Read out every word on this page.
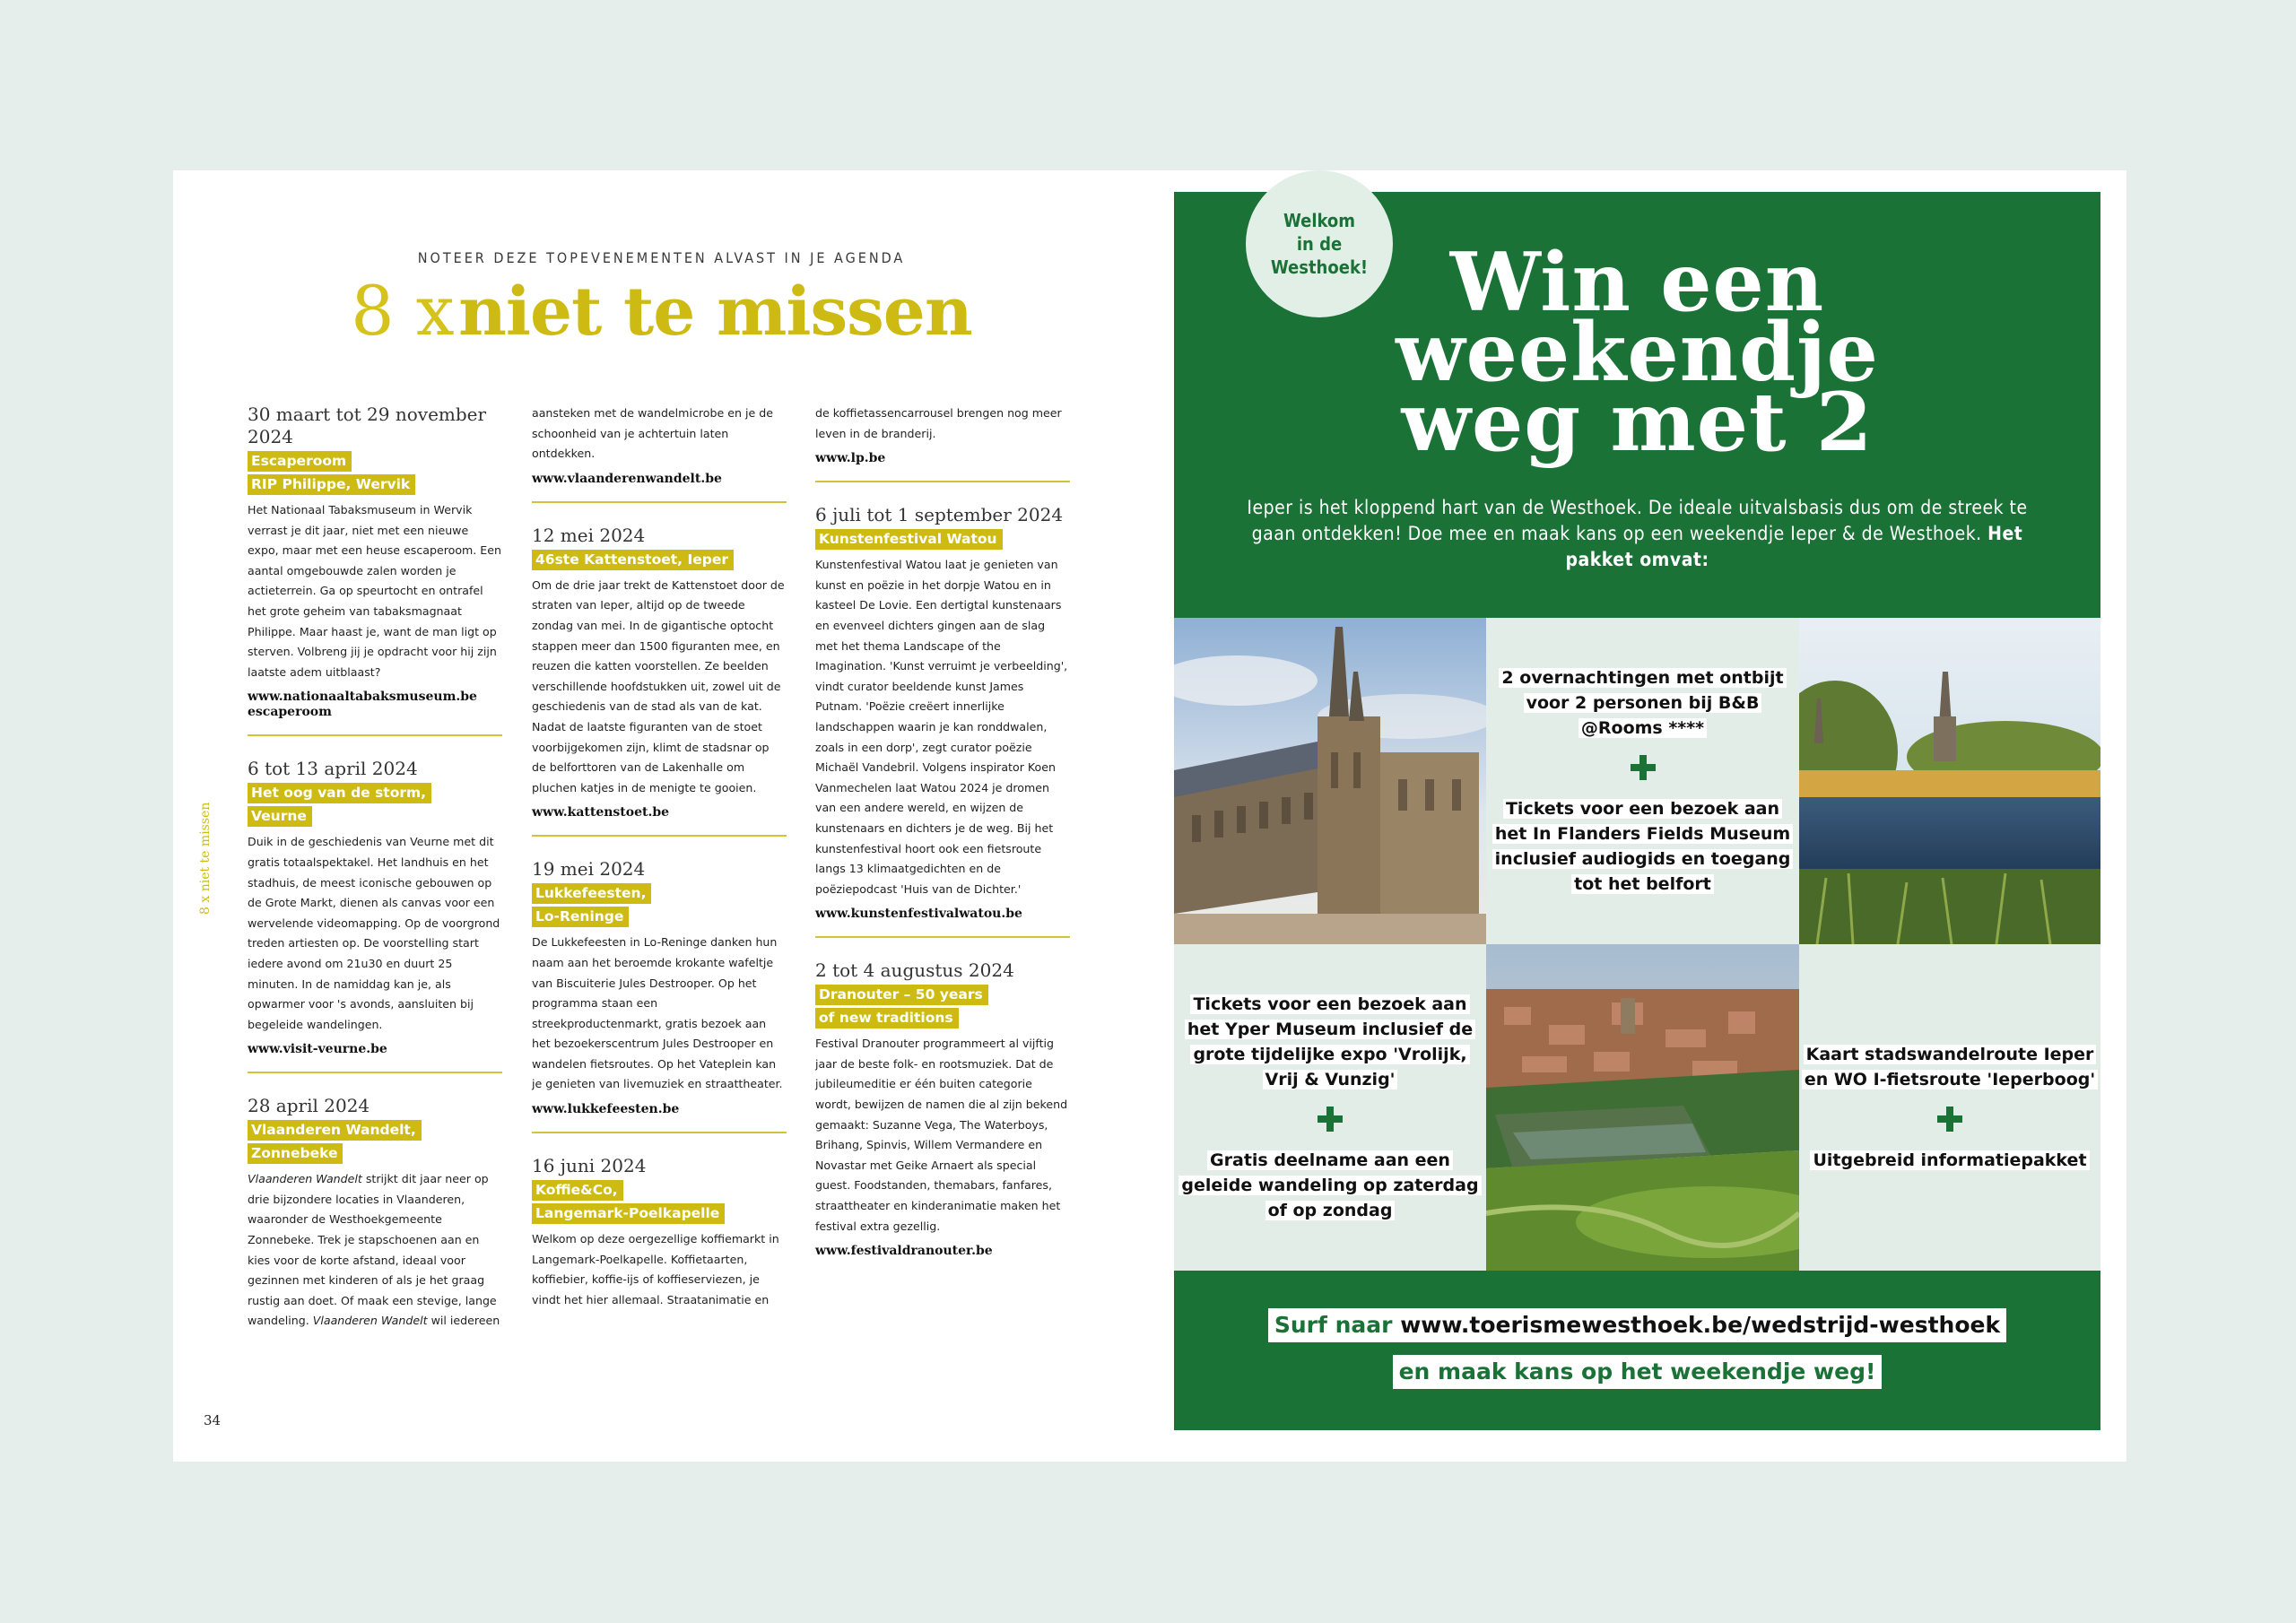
NOTEER DEZE TOPEVENEMENTEN ALVAST IN JE AGENDA
8 x niet te missen
8 x niet te missen
34
30 maart tot 29 november 2024
Escaperoom
RIP Philippe, Wervik
Het Nationaal Tabaksmuseum in Wervik verrast je dit jaar, niet met een nieuwe expo, maar met een heuse escaperoom. Een aantal omgebouwde zalen worden je actieterrein. Ga op speurtocht en ontrafel het grote geheim van tabaksmagnaat Philippe. Maar haast je, want de man ligt op sterven. Volbreng jij je opdracht voor hij zijn laatste adem uitblaast?
www.nationaaltabaksmuseum.be escaperoom
6 tot 13 april 2024
Het oog van de storm,
Veurne
Duik in de geschiedenis van Veurne met dit gratis totaalspektakel. Het landhuis en het stadhuis, de meest iconische gebouwen op de Grote Markt, dienen als canvas voor een wervelende videomapping. Op de voorgrond treden artiesten op. De voorstelling start iedere avond om 21u30 en duurt 25 minuten. In de namiddag kan je, als opwarmer voor 's avonds, aansluiten bij begeleide wandelingen.
www.visit-veurne.be
28 april 2024
Vlaanderen Wandelt,
Zonnebeke
Vlaanderen Wandelt strijkt dit jaar neer op drie bijzondere locaties in Vlaanderen, waaronder de Westhoekgemeente Zonnebeke. Trek je stapschoenen aan en kies voor de korte afstand, ideaal voor gezinnen met kinderen of als je het graag rustig aan doet. Of maak een stevige, lange wandeling. Vlaanderen Wandelt wil iedereen
aansteken met de wandelmicrobe en je de schoonheid van je achtertuin laten ontdekken.
www.vlaanderenwandelt.be
12 mei 2024
46ste Kattenstoet, Ieper
Om de drie jaar trekt de Kattenstoet door de straten van Ieper, altijd op de tweede zondag van mei. In de gigantische optocht stappen meer dan 1500 figuranten mee, en reuzen die katten voorstellen. Ze beelden verschillende hoofdstukken uit, zowel uit de geschiedenis van de stad als van de kat. Nadat de laatste figuranten van de stoet voorbijgekomen zijn, klimt de stadsnar op de belforttoren van de Lakenhalle om pluchen katjes in de menigte te gooien.
www.kattenstoet.be
19 mei 2024
Lukkefeesten,
Lo-Reninge
De Lukkefeesten in Lo-Reninge danken hun naam aan het beroemde krokante wafeltje van Biscuiterie Jules Destrooper. Op het programma staan een streekproductenmarkt, gratis bezoek aan het bezoekerscentrum Jules Destrooper en wandelen fietsroutes. Op het Vateplein kan je genieten van livemuziek en straattheater.
www.lukkefeesten.be
16 juni 2024
Koffie&Co,
Langemark-Poelkapelle
Welkom op deze oergezellige koffiemarkt in Langemark-Poelkapelle. Koffietaarten, koffiebier, koffie-ijs of koffieserviezen, je vindt het hier allemaal. Straatanimatie en
de koffietassencarrousel brengen nog meer leven in de branderij.
www.lp.be
6 juli tot 1 september 2024
Kunstenfestival Watou
Kunstenfestival Watou laat je genieten van kunst en poëzie in het dorpje Watou en in kasteel De Lovie. Een dertigtal kunstenaars en evenveel dichters gingen aan de slag met het thema Landscape of the Imagination. 'Kunst verruimt je verbeelding', vindt curator beeldende kunst James Putnam. 'Poëzie creëert innerlijke landschappen waarin je kan ronddwalen, zoals in een dorp', zegt curator poëzie Michaël Vandebril. Volgens inspirator Koen Vanmechelen laat Watou 2024 je dromen van een andere wereld, en wijzen de kunstenaars en dichters je de weg. Bij het kunstenfestival hoort ook een fietsroute langs 13 klimaatgedichten en de poëziepodcast 'Huis van de Dichter.'
www.kunstenfestivalwatou.be
2 tot 4 augustus 2024
Dranouter – 50 years
of new traditions
Festival Dranouter programmeert al vijftig jaar de beste folk- en rootsmuziek. Dat de jubileumeditie er één buiten categorie wordt, bewijzen de namen die al zijn bekend gemaakt: Suzanne Vega, The Waterboys, Brihang, Spinvis, Willem Vermandere en Novastar met Geike Arnaert als special guest. Foodstanden, themabars, fanfares, straattheater en kinderanimatie maken het festival extra gezellig.
www.festivaldranouter.be
Welkom
in de
Westhoek!	Win een
weekendje
weg met 2
Ieper is het kloppend hart van de Westhoek. De ideale uitvalsbasis dus om de streek te gaan ontdekken! Doe mee en maak kans op een weekendje Ieper & de Westhoek. Het pakket omvat:
2 overnachtingen met ontbijt voor 2 personen bij B&B @Rooms ****
Tickets voor een bezoek aan het In Flanders Fields Museum inclusief audiogids en toegang tot het belfort
Tickets voor een bezoek aan het Yper Museum inclusief de grote tijdelijke expo 'Vrolijk, Vrij & Vunzig'
Gratis deelname aan een geleide wandeling op zaterdag of op zondag
Kaart stadswandelroute Ieper en WO I-fietsroute 'Ieperboog'
Uitgebreid informatiepakket
Surf naar www.toerismewesthoek.be/wedstrijd-westhoek
en maak kans op het weekendje weg!
